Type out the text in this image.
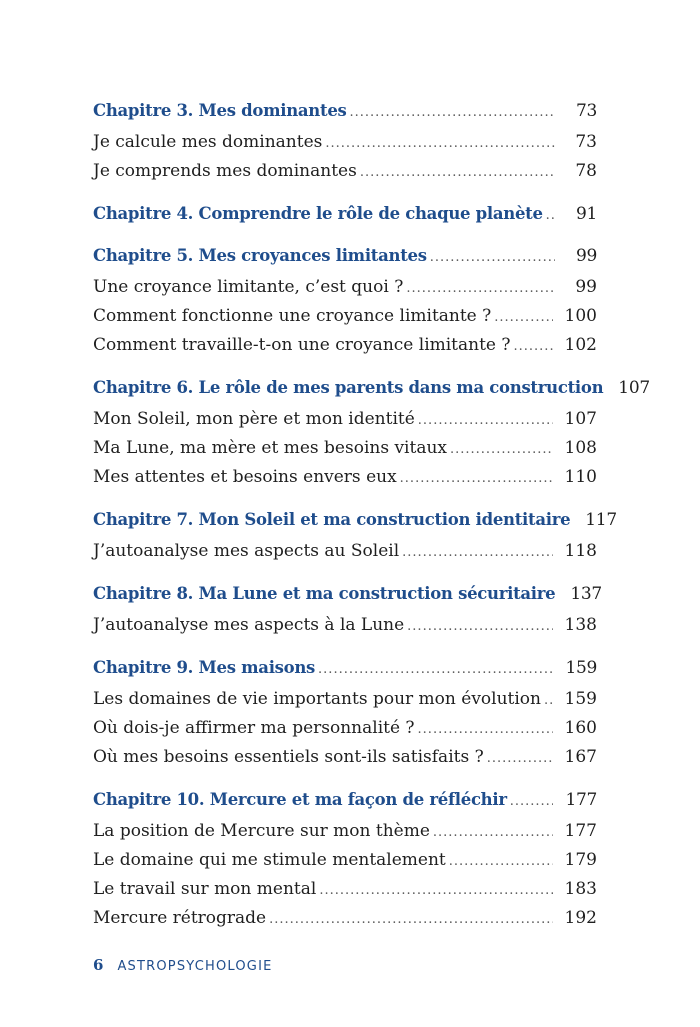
Chapitre 3. Mes dominantes .....	73
Je calcule mes dominantes .....	73
Je comprends mes dominantes .....	78
Chapitre 4. Comprendre le rôle de chaque planète .....	91
Chapitre 5. Mes croyances limitantes .....	99
Une croyance limitante, c’est quoi ? .....	99
Comment fonctionne une croyance limitante ? .....	100
Comment travaille-t-on une croyance limitante ? .....	102
Chapitre 6. Le rôle de mes parents dans ma construction 107
Mon Soleil, mon père et mon identité .....	107
Ma Lune, ma mère et mes besoins vitaux .....	108
Mes attentes et besoins envers eux .....	110
Chapitre 7. Mon Soleil et ma construction identitaire 117
J’autoanalyse mes aspects au Soleil .....	118
Chapitre 8. Ma Lune et ma construction sécuritaire 137
J’autoanalyse mes aspects à la Lune .....	138
Chapitre 9. Mes maisons .....	159
Les domaines de vie importants pour mon évolution .....	159
Où dois-je affirmer ma personnalité ? .....	160
Où mes besoins essentiels sont-ils satisfaits ? .....	167
Chapitre 10. Mercure et ma façon de réfléchir .....	177
La position de Mercure sur mon thème .....	177
Le domaine qui me stimule mentalement .....	179
Le travail sur mon mental .....	183
Mercure rétrograde .....	192
6 ASTROPSYCHOLOGIE
